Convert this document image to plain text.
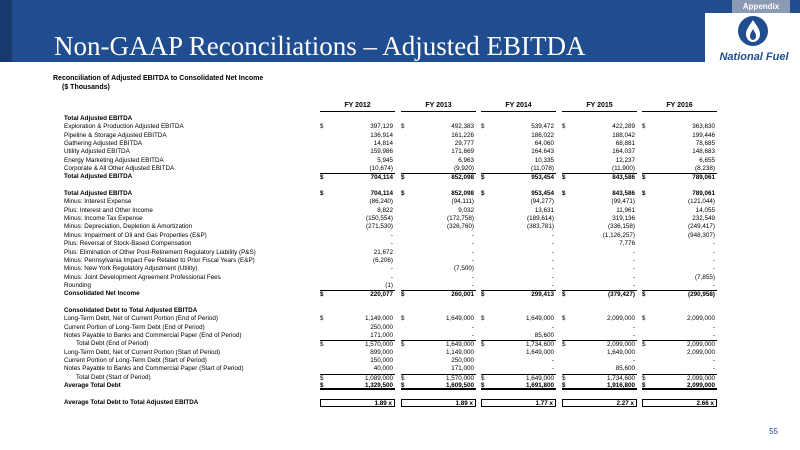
Non-GAAP Reconciliations – Adjusted EBITDA
Appendix
National Fuel
Reconciliation of Adjusted EBITDA to Consolidated Net Income
($ Thousands)
FY 2012	FY 2013	FY 2014	FY 2015	FY 2016
Total Adjusted EBITDA
Exploration & Production Adjusted EBITDA	$	397,129 $	492,383 $	539,472 $	422,289 $	363,830
Pipeline & Storage Adjusted EBITDA	136,914	161,226	186,022	188,042	199,446
Gathering Adjusted EBITDA	14,814	29,777	64,060	68,881	78,685
Utility Adjusted EBITDA	159,986	171,669	164,643	164,037	148,683
Energy Marketing Adjusted EBITDA	5,945	6,963	10,335	12,237	6,655
Corporate & All Other Adjusted EBITDA	(10,674)	(9,920)	(11,078)	(11,900)	(8,238)
Total Adjusted EBITDA	$	704,114 $	852,098 $	953,454 $	843,586 $	789,061
Total Adjusted EBITDA	$	704,114 $	852,098 $	953,454 $	843,586 $	789,061
Minus: Interest Expense	(86,240)	(94,111)	(94,277)	(99,471)	(121,044)
Plus: Interest and Other Income	8,822	9,032	13,631	11,961	14,055
Minus: Income Tax Expense	(150,554)	(172,758)	(189,614)	319,136	232,549
Minus: Depreciation, Depletion & Amortization	(271,530)	(326,760)	(383,781)	(336,158)	(249,417)
Minus: Impairment of Oil and Gas Properties (E&P)	-	-	-	(1,126,257)	(948,307)
Plus: Reversal of Stock-Based Compensation	-	-	-	7,776	-
Plus: Elimination of Other Post-Retirement Regulatory Liability (P&S)	21,672	-	-	-	-
Minus: Pennsylvania Impact Fee Related to Prior Fiscal Years (E&P)	(6,206)	-	-	-	-
Minus: New York Regulatory Adjustment (Utility)	-	(7,500)	-	-	-
Minus: Joint Development Agreement Professional Fees	-	-	-	-	(7,855)
Rounding	(1)	-	-	-	-
Consolidated Net Income	$	220,077 $	260,001 $	299,413 $	(379,427) $	(290,958)
Consolidated Debt to Total Adjusted EBITDA
Long-Term Debt, Net of Current Portion (End of Period)	$	1,149,000 $	1,649,000 $	1,649,000 $	2,099,000 $	2,099,000
Current Portion of Long-Term Debt (End of Period)	250,000	-	-	-	-
Notes Payable to Banks and Commercial Paper (End of Period)	171,000	-	85,600	-	-
Total Debt (End of Period)	$	1,570,000 $	1,649,000 $	1,734,600 $	2,099,000 $	2,099,000
Long-Term Debt, Net of Current Portion (Start of Period)	899,000	1,149,000	1,649,000	1,649,000	2,099,000
Current Portion of Long-Term Debt (Start of Period)	150,000	250,000	-	-	-
Notes Payable to Banks and Commercial Paper (Start of Period)	40,000	171,000	-	85,600	-
Total Debt (Start of Period)	$	1,089,000 $	1,570,000 $	1,649,000 $	1,734,600 $	2,099,000
Average Total Debt	$	1,329,500 $	1,609,500 $	1,691,800 $	1,916,800 $	2,099,000
Average Total Debt to Total Adjusted EBITDA	1.89 x	1.89 x	1.77 x	2.27 x	2.66 x
55
